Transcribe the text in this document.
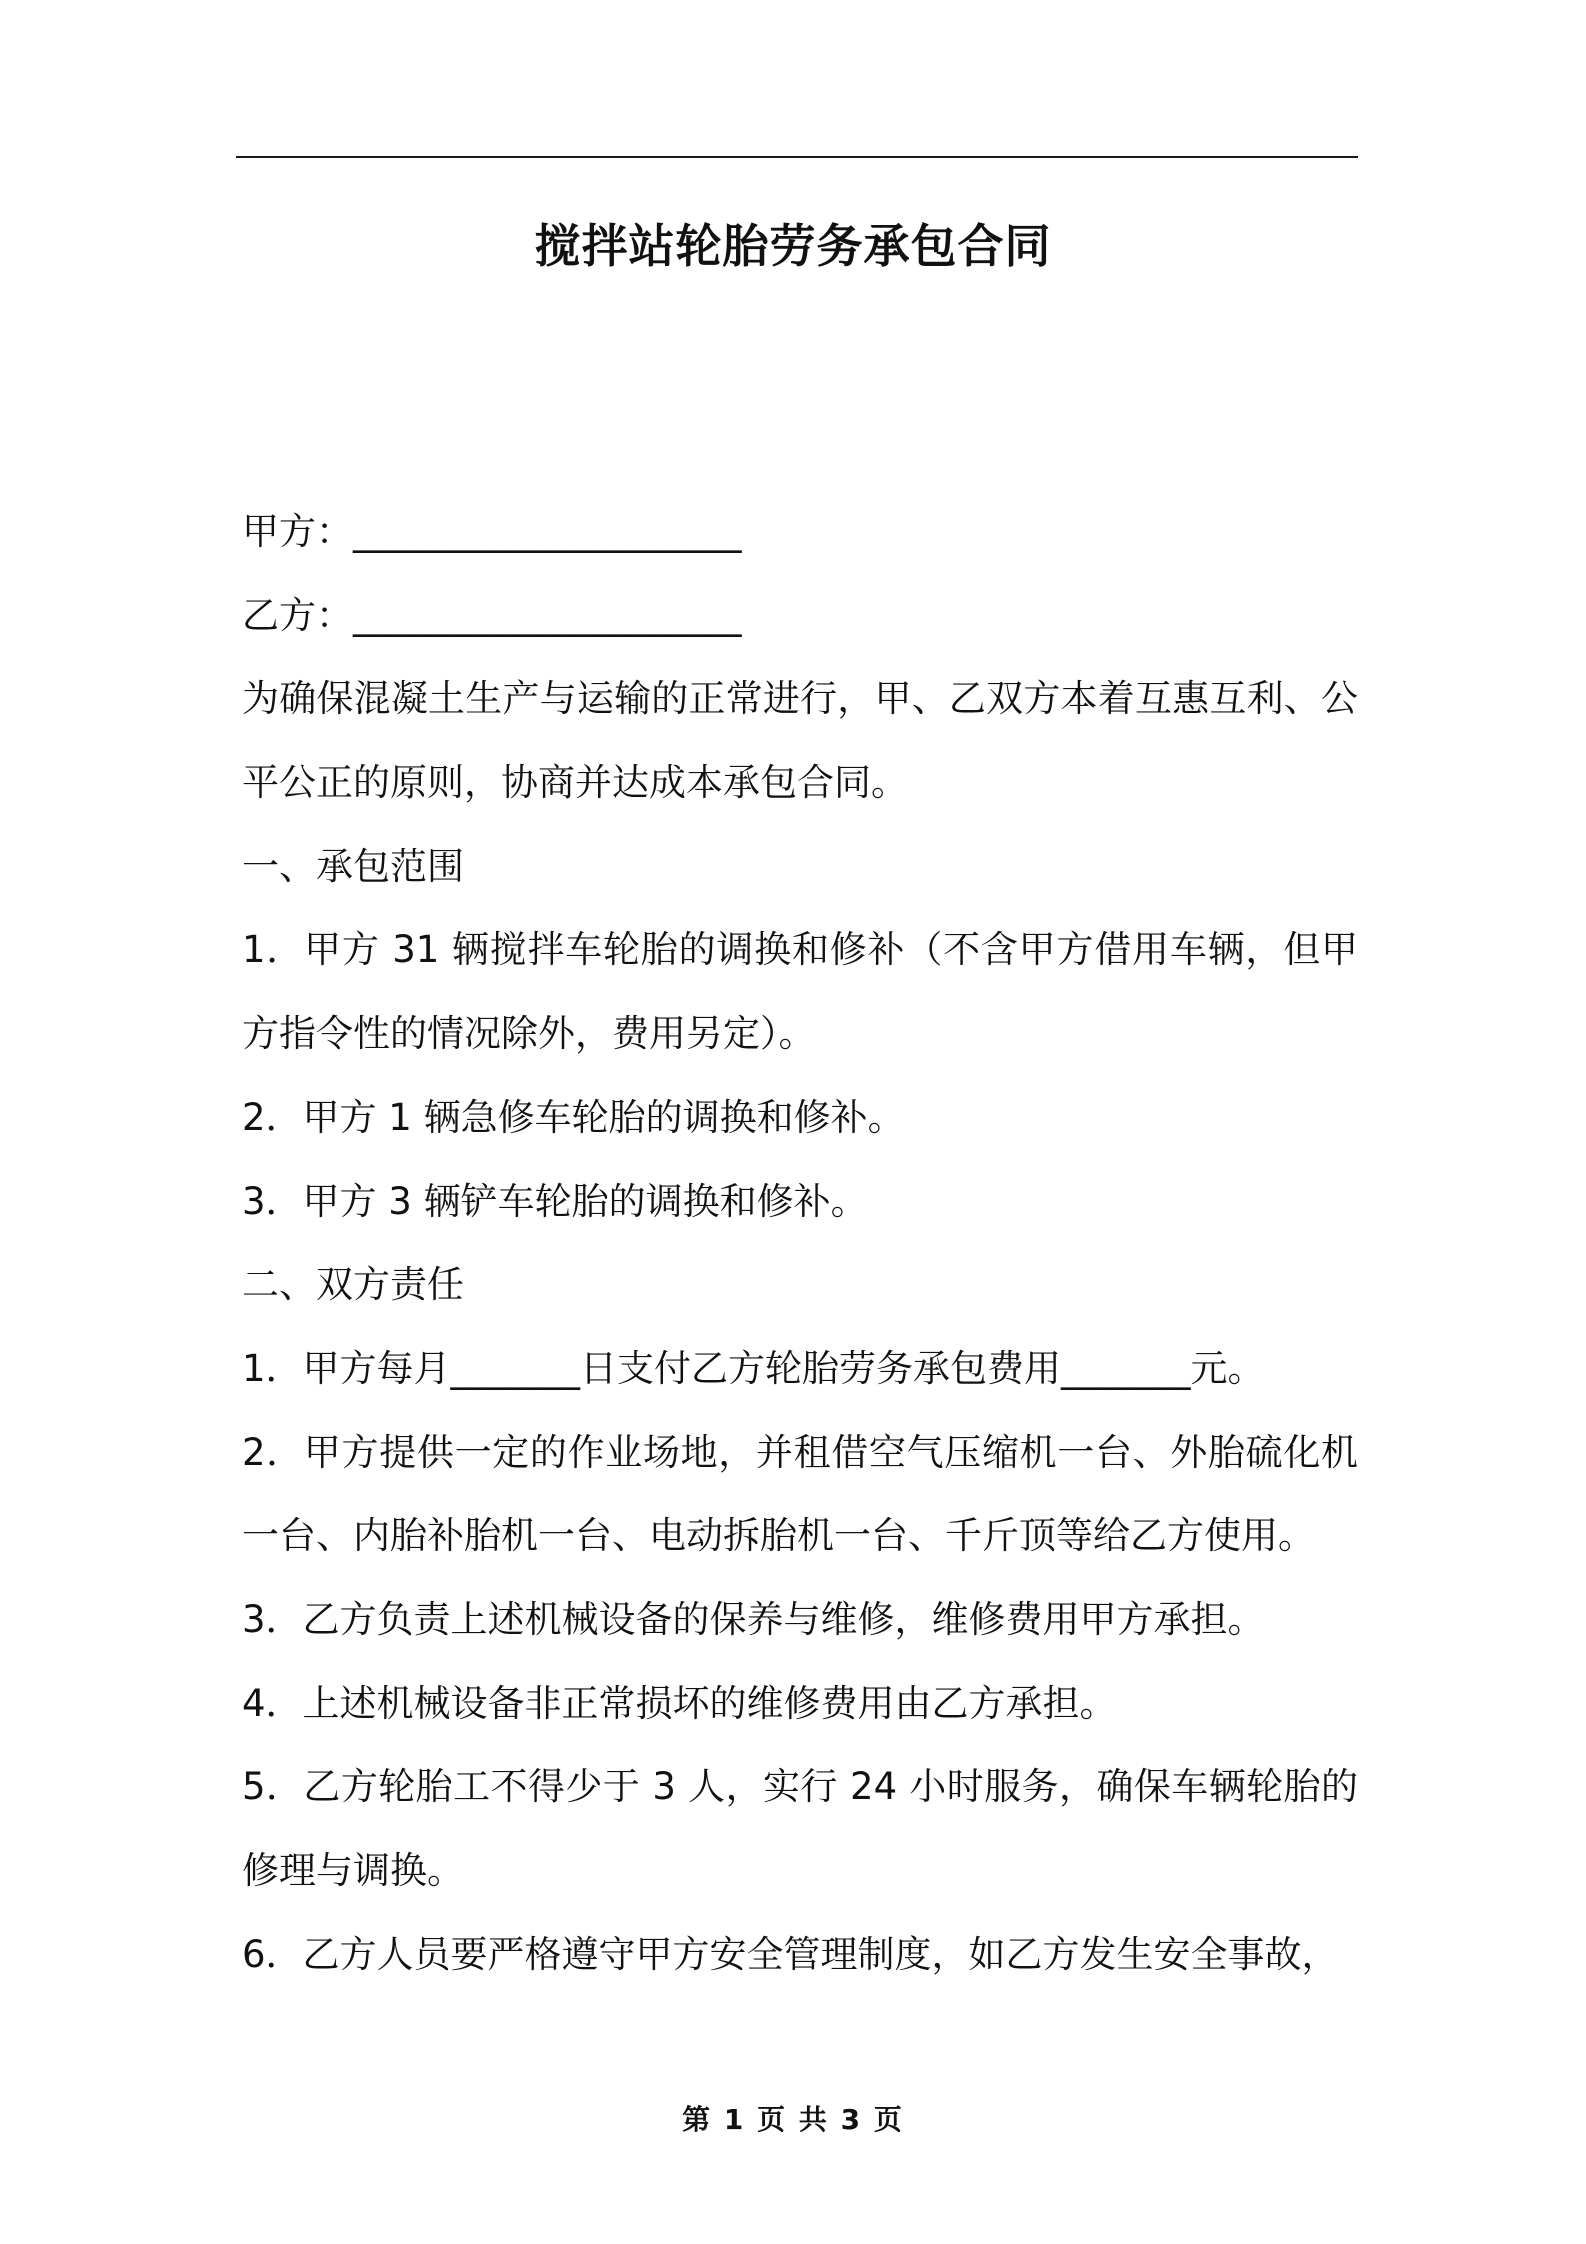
搅拌站轮胎劳务承包合同
甲方：_____________________
乙方：_____________________
为确保混凝土生产与运输的正常进行，甲、乙双方本着互惠互利、公平公正的原则，协商并达成本承包合同。
一、承包范围
1．甲方 31 辆搅拌车轮胎的调换和修补（不含甲方借用车辆，但甲方指令性的情况除外，费用另定）。
2．甲方 1 辆急修车轮胎的调换和修补。
3．甲方 3 辆铲车轮胎的调换和修补。
二、双方责任
1．甲方每月_______日支付乙方轮胎劳务承包费用_______元。
2．甲方提供一定的作业场地，并租借空气压缩机一台、外胎硫化机一台、内胎补胎机一台、电动拆胎机一台、千斤顶等给乙方使用。
3．乙方负责上述机械设备的保养与维修，维修费用甲方承担。
4．上述机械设备非正常损坏的维修费用由乙方承担。
5．乙方轮胎工不得少于 3 人，实行 24 小时服务，确保车辆轮胎的修理与调换。
6．乙方人员要严格遵守甲方安全管理制度，如乙方发生安全事故，
第 1 页 共 3 页
